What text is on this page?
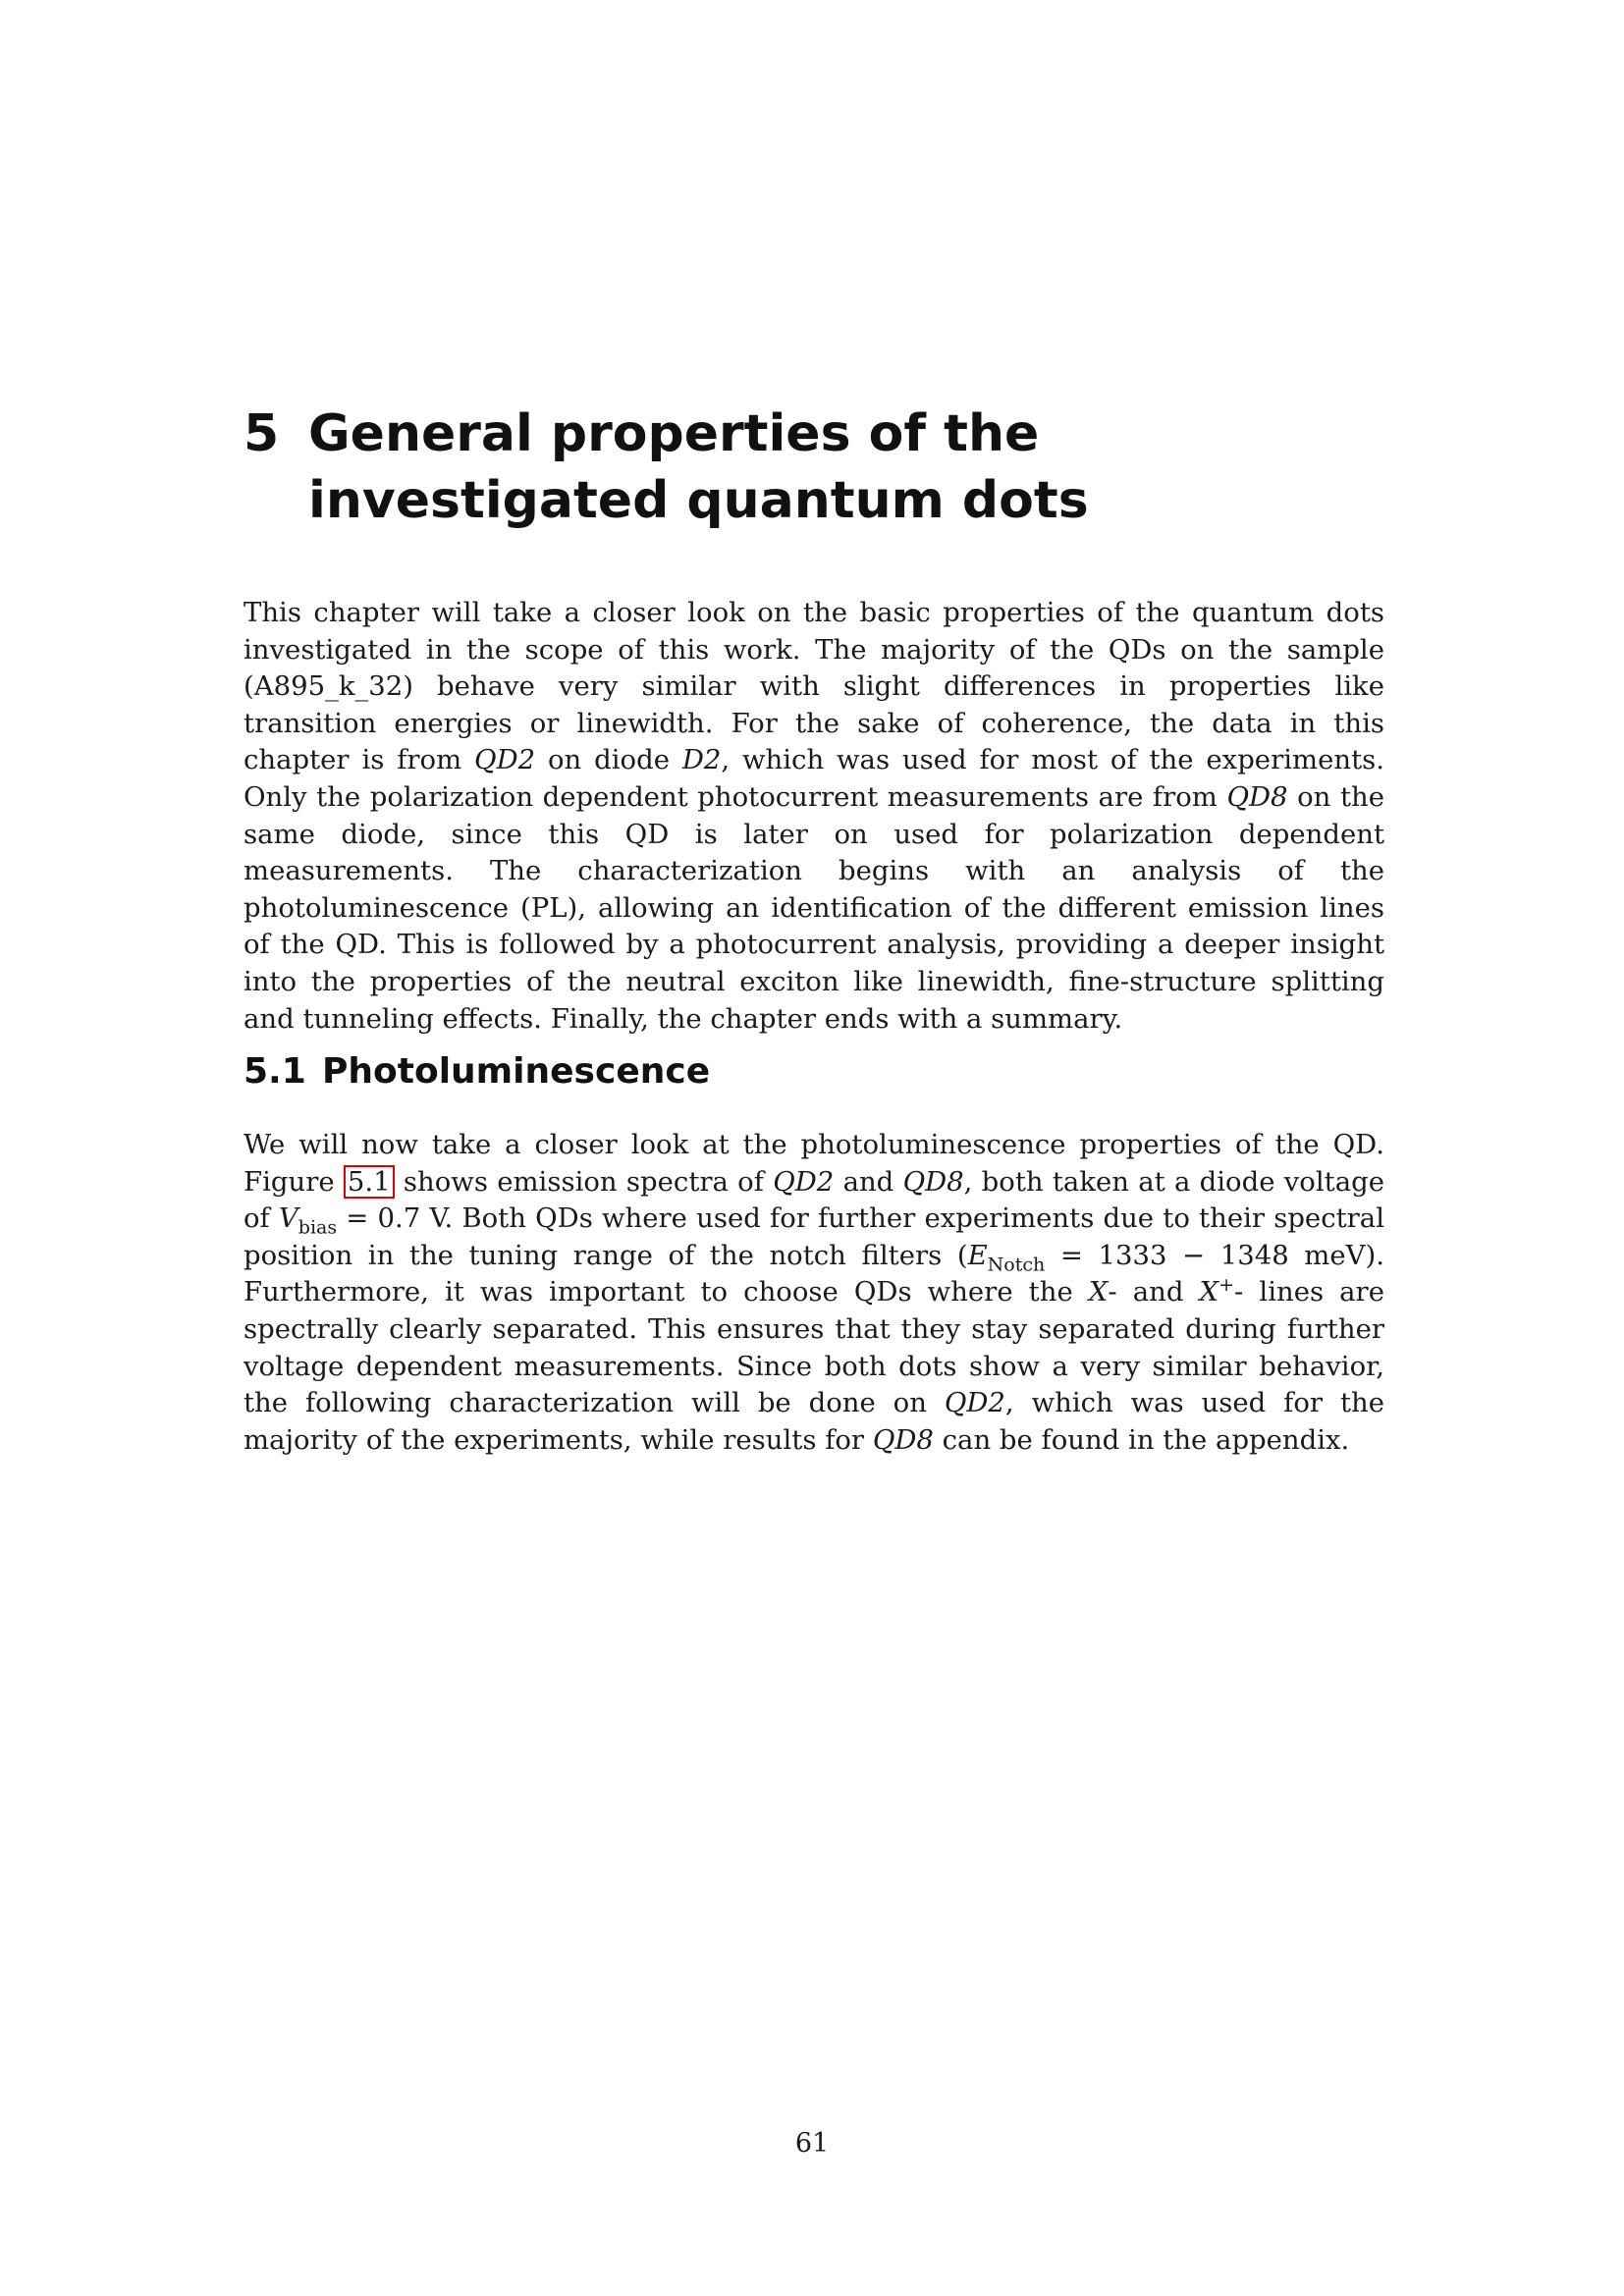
5 General properties of the investigated quantum dots

This chapter will take a closer look on the basic properties of the quantum dots investigated in the scope of this work. The majority of the QDs on the sample (A895_k_32) behave very similar with slight differences in properties like transition energies or linewidth. For the sake of coherence, the data in this chapter is from QD2 on diode D2, which was used for most of the experiments. Only the polarization dependent photocurrent measurements are from QD8 on the same diode, since this QD is later on used for polarization dependent measurements. The characterization begins with an analysis of the photoluminescence (PL), allowing an identification of the different emission lines of the QD. This is followed by a photocurrent analysis, providing a deeper insight into the properties of the neutral exciton like linewidth, fine-structure splitting and tunneling effects. Finally, the chapter ends with a summary.

5.1 Photoluminescence

We will now take a closer look at the photoluminescence properties of the QD. Figure 5.1 shows emission spectra of QD2 and QD8, both taken at a diode voltage of $V_{bias} = 0.7$ V. Both QDs where used for further experiments due to their spectral position in the tuning range of the notch filters ($E_{Notch} = 1333 - 1348$ meV). Furthermore, it was important to choose QDs where the X- and X+- lines are spectrally clearly separated. This ensures that they stay separated during further voltage dependent measurements. Since both dots show a very similar behavior, the following characterization will be done on QD2, which was used for the majority of the experiments, while results for QD8 can be found in the appendix.

61
